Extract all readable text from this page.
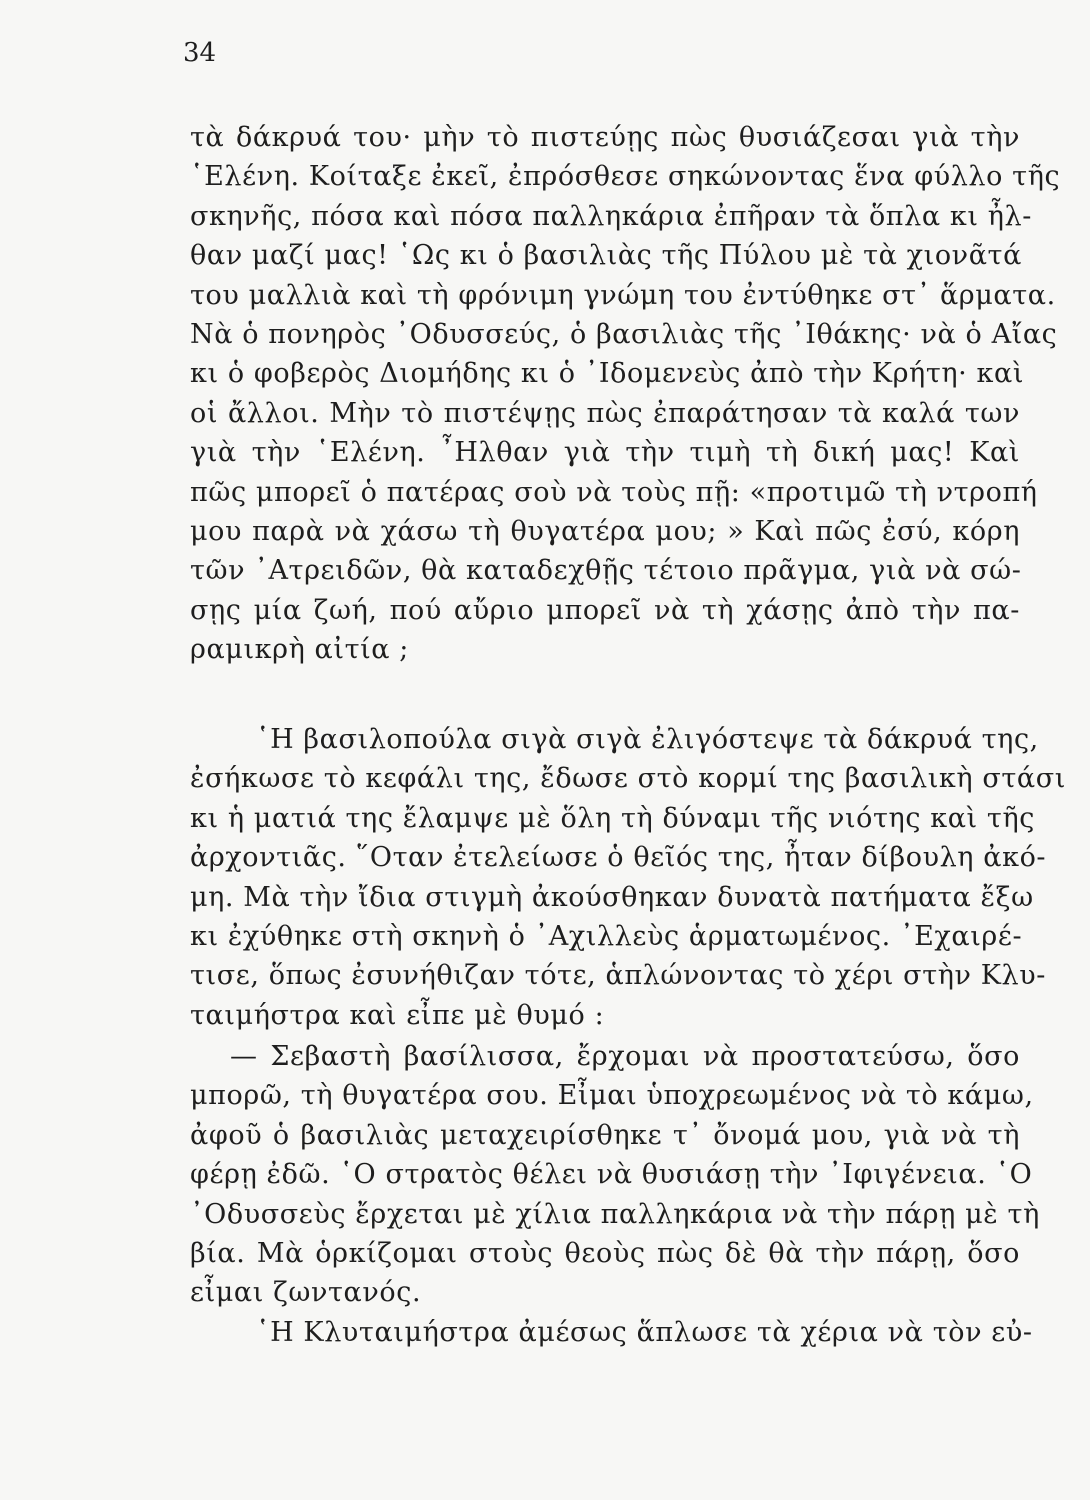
34
τὰ δάκρυά του· μὴν τὸ πιστεύῃς πὼς θυσιάζεσαι γιὰ τὴν
῾Ελένη. Κοίταξε ἐκεῖ, ἐπρόσθεσε σηκώνοντας ἕνα φύλλο τῆς
σκηνῆς, πόσα καὶ πόσα παλληκάρια ἐπῆραν τὰ ὅπλα κι ἦλ-
θαν μαζί μας! ῾Ως κι ὁ βασιλιὰς τῆς Πύλου μὲ τὰ χιονᾶτά
του μαλλιὰ καὶ τὴ φρόνιμη γνώμη του ἐντύθηκε στ᾿ ἅρματα.
Νὰ ὁ πονηρὸς ᾿Οδυσσεύς, ὁ βασιλιὰς τῆς ᾿Ιθάκης· νὰ ὁ Αἴας
κι ὁ φοβερὸς Διομήδης κι ὁ ᾿Ιδομενεὺς ἀπὸ τὴν Κρήτη· καὶ
οἱ ἄλλοι. Μὴν τὸ πιστέψῃς πὼς ἐπαράτησαν τὰ καλά των
γιὰ τὴν ῾Ελένη. ῏Ηλθαν γιὰ τὴν τιμὴ τὴ δική μας! Καὶ
πῶς μπορεῖ ὁ πατέρας σοὺ νὰ τοὺς πῇ: «προτιμῶ τὴ ντροπή
μου παρὰ νὰ χάσω τὴ θυγατέρα μου; » Καὶ πῶς ἐσύ, κόρη
τῶν ᾿Ατρειδῶν, θὰ καταδεχθῇς τέτοιο πρᾶγμα, γιὰ νὰ σώ-
σῃς μία ζωή, πού αὔριο μπορεῖ νὰ τὴ χάσῃς ἀπὸ τὴν πα-
ραμικρὴ αἰτία ;
῾Η βασιλοπούλα σιγὰ σιγὰ ἐλιγόστεψε τὰ δάκρυά της,
ἐσήκωσε τὸ κεφάλι της, ἔδωσε στὸ κορμί της βασιλικὴ στάσι
κι ἡ ματιά της ἔλαμψε μὲ ὅλη τὴ δύναμι τῆς νιότης καὶ τῆς
ἀρχοντιᾶς. ῞Οταν ἐτελείωσε ὁ θεῖός της, ἦταν δίβουλη ἀκό-
μη. Μὰ τὴν ἴδια στιγμὴ ἀκούσθηκαν δυνατὰ πατήματα ἔξω
κι ἐχύθηκε στὴ σκηνὴ ὁ ᾿Αχιλλεὺς ἁρματωμένος. ᾿Εχαιρέ-
τισε, ὅπως ἐσυνήθιζαν τότε, ἁπλώνοντας τὸ χέρι στὴν Κλυ-
ταιμήστρα καὶ εἶπε μὲ θυμό :
— Σεβαστὴ βασίλισσα, ἔρχομαι νὰ προστατεύσω, ὅσο
μπορῶ, τὴ θυγατέρα σου. Εἶμαι ὑποχρεωμένος νὰ τὸ κάμω,
ἀφοῦ ὁ βασιλιὰς μεταχειρίσθηκε τ᾿ ὄνομά μου, γιὰ νὰ τὴ
φέρῃ ἐδῶ. ῾Ο στρατὸς θέλει νὰ θυσιάσῃ τὴν ᾿Ιφιγένεια. ῾Ο
᾿Οδυσσεὺς ἔρχεται μὲ χίλια παλληκάρια νὰ τὴν πάρῃ μὲ τὴ
βία. Μὰ ὁρκίζομαι στοὺς θεοὺς πὼς δὲ θὰ τὴν πάρῃ, ὅσο
εἶμαι ζωντανός.
῾Η Κλυταιμήστρα ἀμέσως ἅπλωσε τὰ χέρια νὰ τὸν εὐ-
